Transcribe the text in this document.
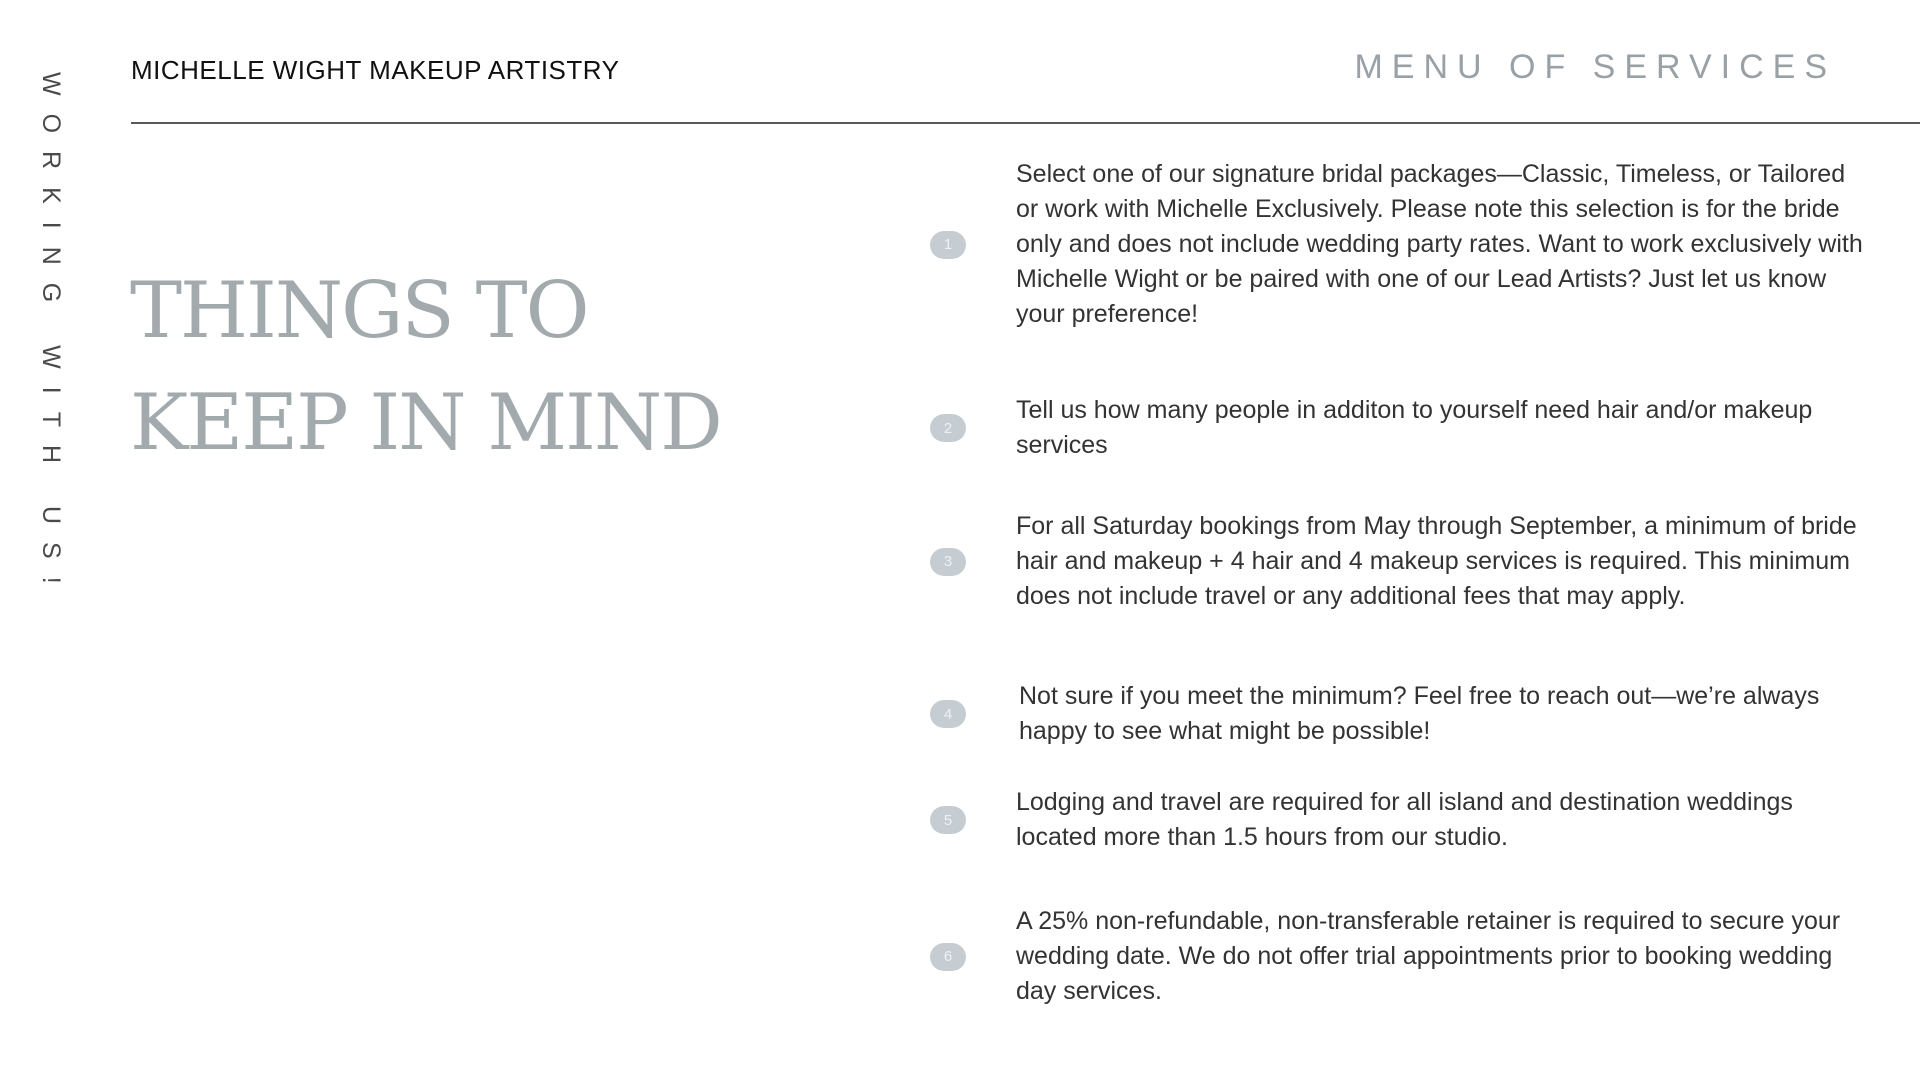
WORKING WITH US!
MICHELLE WIGHT MAKEUP ARTISTRY	MENU OF SERVICES
THINGS TO
KEEP IN MIND
1
Select one of our signature bridal packages—Classic, Timeless, or Tailored or work with Michelle Exclusively. Please note this selection is for the bride only and does not include wedding party rates. Want to work exclusively with Michelle Wight or be paired with one of our Lead Artists? Just let us know your preference!
2
Tell us how many people in additon to yourself need hair and/or makeup services
3
For all Saturday bookings from May through September, a minimum of bride hair and makeup + 4 hair and 4 makeup services is required. This minimum does not include travel or any additional fees that may apply.
4
Not sure if you meet the minimum? Feel free to reach out—we’re always happy to see what might be possible!
5
Lodging and travel are required for all island and destination weddings located more than 1.5 hours from our studio.
6
A 25% non-refundable, non-transferable retainer is required to secure your wedding date. We do not offer trial appointments prior to booking wedding day services.
